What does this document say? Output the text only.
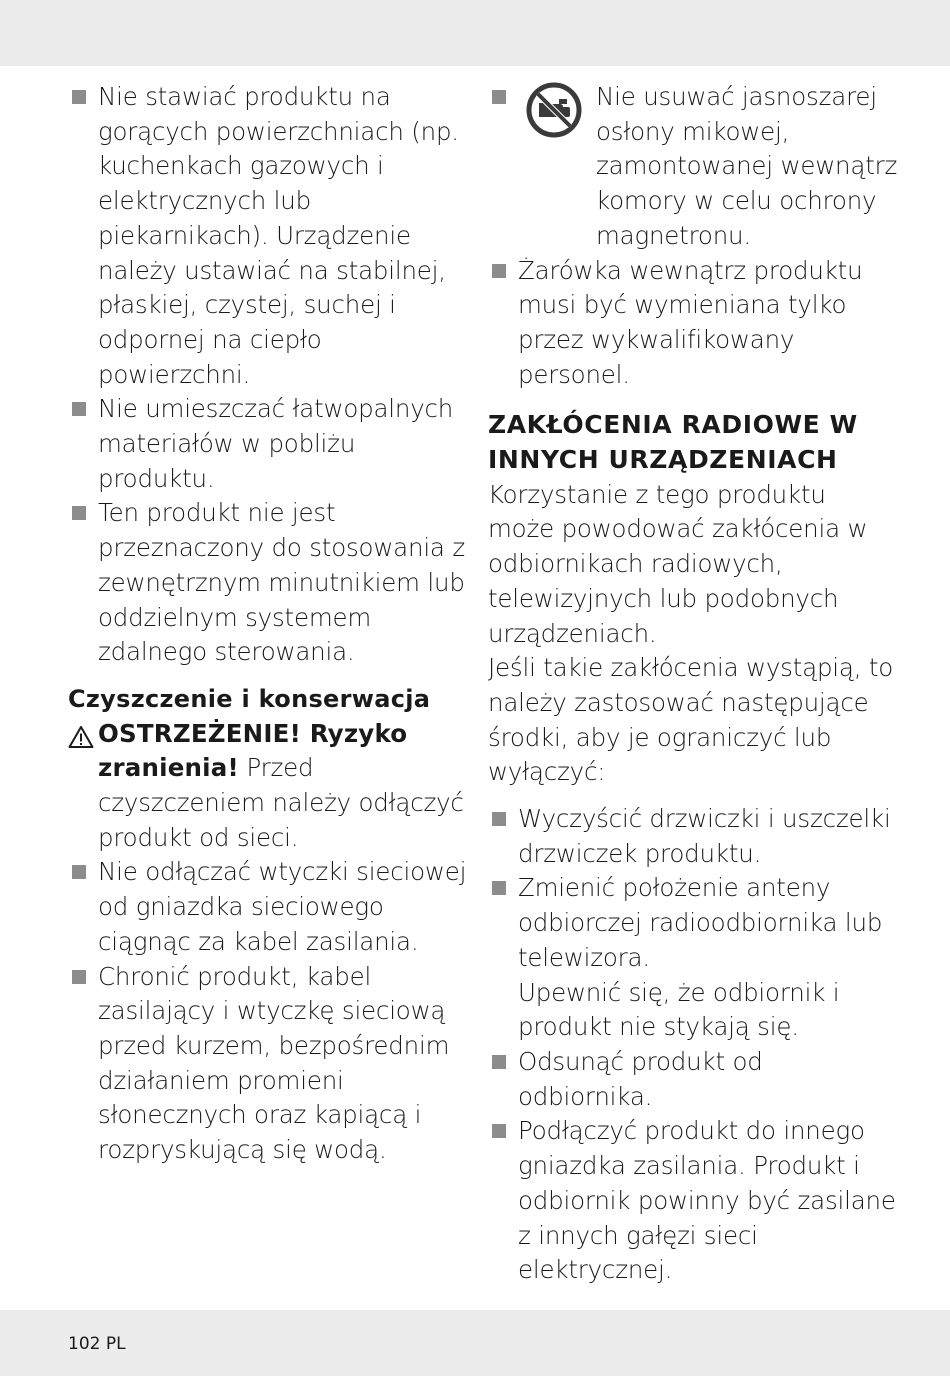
Nie stawiać produktu na gorących powierzchniach (np. kuchenkach gazowych i elektrycznych lub piekarnikach). Urządzenie należy ustawiać na stabilnej, płaskiej, czystej, suchej i odpornej na ciepło powierzchni.
Nie umieszczać łatwopalnych materiałów w pobliżu produktu.
Ten produkt nie jest przeznaczony do stosowania z zewnętrznym minutnikiem lub oddzielnym systemem zdalnego sterowania.
Czyszczenie i konserwacja
OSTRZEŻENIE! Ryzyko zranienia! Przed czyszczeniem należy odłączyć produkt od sieci.
Nie odłączać wtyczki sieciowej od gniazdka sieciowego ciągnąc za kabel zasilania.
Chronić produkt, kabel zasilający i wtyczkę sieciową przed kurzem, bezpośrednim działaniem promieni słonecznych oraz kapiącą i rozpryskującą się wodą.
Nie usuwać jasnoszarej osłony mikowej, zamontowanej wewnątrz komory w celu ochrony magnetronu.
Żarówka wewnątrz produktu musi być wymieniana tylko przez wykwalifikowany personel.
ZAKŁÓCENIA RADIOWE W INNYCH URZĄDZENIACH

Korzystanie z tego produktu może powodować zakłócenia w odbiornikach radiowych, telewizyjnych lub podobnych urządzeniach.

Jeśli takie zakłócenia wystąpią, to należy zastosować następujące środki, aby je ograniczyć lub wyłączyć:

Wyczyścić drzwiczki i uszczelki drzwiczek produktu.
Zmienić położenie anteny odbiorczej radioodbiornika lub telewizora.
Upewnić się, że odbiornik i produkt nie stykają się.
Odsunąć produkt od odbiornika.
Podłączyć produkt do innego gniazdka zasilania. Produkt i odbiornik powinny być zasilane z innych gałęzi sieci elektrycznej.
102 PL
